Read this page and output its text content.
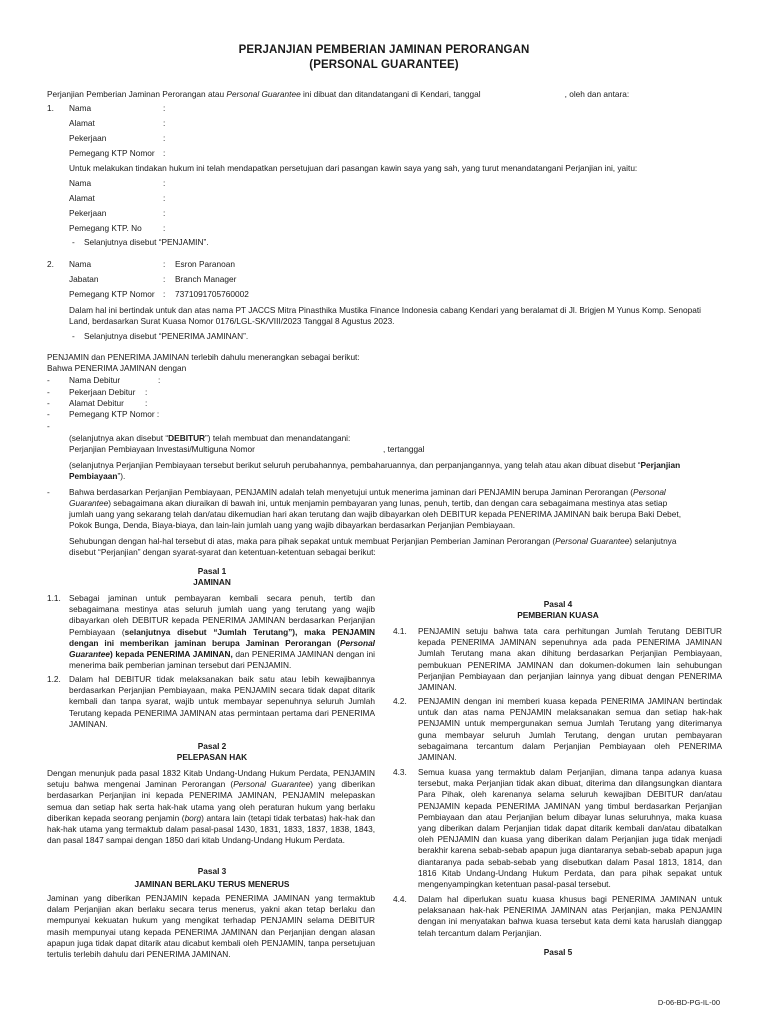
PERJANJIAN PEMBERIAN JAMINAN PERORANGAN
(PERSONAL GUARANTEE)
Perjanjian Pemberian Jaminan Perorangan atau Personal Guarantee ini dibuat dan ditandatangani di Kendari, tanggal	, oleh dan antara:
1. Nama	:
Alamat	:
Pekerjaan	:
Pemegang KTP Nomor :
Untuk melakukan tindakan hukum ini telah mendapatkan persetujuan dari pasangan kawin saya yang sah, yang turut menandatangani Perjanjian ini, yaitu:
Nama	:
Alamat	:
Pekerjaan	:
Pemegang KTP. No	:
- Selanjutnya disebut “PENJAMIN”.
2. Nama	: Esron Paranoan
Jabatan	: Branch Manager
Pemegang KTP Nomor : 7371091705760002
Dalam hal ini bertindak untuk dan atas nama PT JACCS Mitra Pinasthika Mustika Finance Indonesia cabang Kendari yang beralamat di Jl. Brigjen M Yunus Komp. Senopati
Land, berdasarkan Surat Kuasa Nomor 0176/LGL-SK/VIII/2023 Tanggal 8 Agustus 2023.
- Selanjutnya disebut “PENERIMA JAMINAN”.
PENJAMIN dan PENERIMA JAMINAN terlebih dahulu menerangkan sebagai berikut:
Bahwa PENERIMA JAMINAN dengan
- Nama Debitur	:
- Pekerjaan Debitur :
- Alamat Debitur	:
- Pemegang KTP Nomor :
-
(selanjutnya akan disebut “DEBITUR”) telah membuat dan menandatangani:
Perjanjian Pembiayaan Investasi/Multiguna Nomor	, tertanggal
(selanjutnya Perjanjian Pembiayaan tersebut berikut seluruh perubahannya, pembaharuannya, dan perpanjangannya, yang telah atau akan dibuat disebut “Perjanjian
Pembiayaan”).
- Bahwa berdasarkan Perjanjian Pembiayaan, PENJAMIN adalah telah menyetujui untuk menerima jaminan dari PENJAMIN berupa Jaminan Perorangan (Personal
Guarantee) sebagaimana akan diuraikan di bawah ini, untuk menjamin pembayaran yang lunas, penuh, tertib, dan dengan cara sebagaimana mestinya atas setiap
jumlah uang yang sekarang telah dan/atau dikemudian hari akan terutang dan wajib dibayarkan oleh DEBITUR kepada PENERIMA JAMINAN baik berupa Baki Debet,
Pokok Bunga, Denda, Biaya-biaya, dan lain-lain jumlah uang yang wajib dibayarkan berdasarkan Perjanjian Pembiayaan.
Sehubungan dengan hal-hal tersebut di atas, maka para pihak sepakat untuk membuat Perjanjian Pemberian Jaminan Perorangan (Personal Guarantee) selanjutnya
disebut “Perjanjian” dengan syarat-syarat dan ketentuan-ketentuan sebagai berikut:
Pasal 1
JAMINAN
1.1. Sebagai jaminan untuk pembayaran kembali secara penuh, tertib dan sebagaimana mestinya atas seluruh jumlah uang yang terutang yang wajib dibayarkan oleh DEBITUR kepada PENERIMA JAMINAN berdasarkan Perjanjian Pembiayaan (selanjutnya disebut “Jumlah Terutang”), maka PENJAMIN dengan ini memberikan jaminan berupa Jaminan Perorangan (Personal Guarantee) kepada PENERIMA JAMINAN, dan PENERIMA JAMINAN dengan ini menerima baik pemberian jaminan tersebut dari PENJAMIN.
1.2. Dalam hal DEBITUR tidak melaksanakan baik satu atau lebih kewajibannya berdasarkan Perjanjian Pembiayaan, maka PENJAMIN secara tidak dapat ditarik kembali dan tanpa syarat, wajib untuk membayar sepenuhnya seluruh Jumlah Terutang kepada PENERIMA JAMINAN atas permintaan pertama dari PENERIMA JAMINAN.
Pasal 2
PELEPASAN HAK
Dengan menunjuk pada pasal 1832 Kitab Undang-Undang Hukum Perdata, PENJAMIN setuju bahwa mengenai Jaminan Perorangan (Personal Guarantee) yang diberikan berdasarkan Perjanjian ini kepada PENERIMA JAMINAN, PENJAMIN melepaskan semua dan setiap hak serta hak-hak utama yang oleh peraturan hukum yang berlaku diberikan kepada seorang penjamin (borg) antara lain (tetapi tidak terbatas) hak-hak dan hak-hak utama yang termaktub dalam pasal-pasal 1430, 1831, 1833, 1837, 1838, 1843, dan pasal 1847 sampai dengan 1850 dari kitab Undang-Undang Hukum Perdata.
Pasal 3
JAMINAN BERLAKU TERUS MENERUS
Jaminan yang diberikan PENJAMIN kepada PENERIMA JAMINAN yang termaktub dalam Perjanjian akan berlaku secara terus menerus, yakni akan tetap berlaku dan mempunyai kekuatan hukum yang mengikat terhadap PENJAMIN selama DEBITUR masih mempunyai utang kepada PENERIMA JAMINAN dan Perjanjian dengan alasan apapun juga tidak dapat ditarik atau dicabut kembali oleh PENJAMIN, tanpa persetujuan tertulis terlebih dahulu dari PENERIMA JAMINAN.
Pasal 4
PEMBERIAN KUASA
4.1. PENJAMIN setuju bahwa tata cara perhitungan Jumlah Terutang DEBITUR kepada PENERIMA JAMINAN sepenuhnya ada pada PENERIMA JAMINAN Jumlah Terutang mana akan dihitung berdasarkan Perjanjian Pembiayaan, pembukuan PENERIMA JAMINAN dan dokumen-dokumen lain sehubungan Perjanjian Pembiayaan dan perjanjian lainnya yang dibuat dengan PENERIMA JAMINAN.
4.2. PENJAMIN dengan ini memberi kuasa kepada PENERIMA JAMINAN bertindak untuk dan atas nama PENJAMIN melaksanakan semua dan setiap hak-hak PENJAMIN untuk mempergunakan semua Jumlah Terutang yang diterimanya guna membayar seluruh Jumlah Terutang, dengan urutan pembayaran sebagaimana tercantum dalam Perjanjian Pembiayaan oleh PENERIMA JAMINAN.
4.3. Semua kuasa yang termaktub dalam Perjanjian, dimana tanpa adanya kuasa tersebut, maka Perjanjian tidak akan dibuat, diterima dan dilangsungkan diantara Para Pihak, oleh karenanya selama seluruh kewajiban DEBITUR dan/atau PENJAMIN kepada PENERIMA JAMINAN yang timbul berdasarkan Perjanjian Pembiayaan dan atau Perjanjian belum dibayar lunas seluruhnya, maka kuasa yang diberikan dalam Perjanjian tidak dapat ditarik kembali dan/atau dibatalkan oleh PENJAMIN dan kuasa yang diberikan dalam Perjanjian juga tidak menjadi berakhir karena sebab-sebab apapun juga diantaranya sebab-sebab apapun juga diantaranya pada sebab-sebab yang disebutkan dalam Pasal 1813, 1814, dan 1816 Kitab Undang-Undang Hukum Perdata, dan para pihak sepakat untuk mengenyampingkan ketentuan pasal-pasal tersebut.
4.4. Dalam hal diperlukan suatu kuasa khusus bagi PENERIMA JAMINAN untuk pelaksanaan hak-hak PENERIMA JAMINAN atas Perjanjian, maka PENJAMIN dengan ini menyatakan bahwa kuasa tersebut kata demi kata haruslah dianggap telah tercantum dalam Perjanjian.
Pasal 5
D-06-BD-PG-IL-00
